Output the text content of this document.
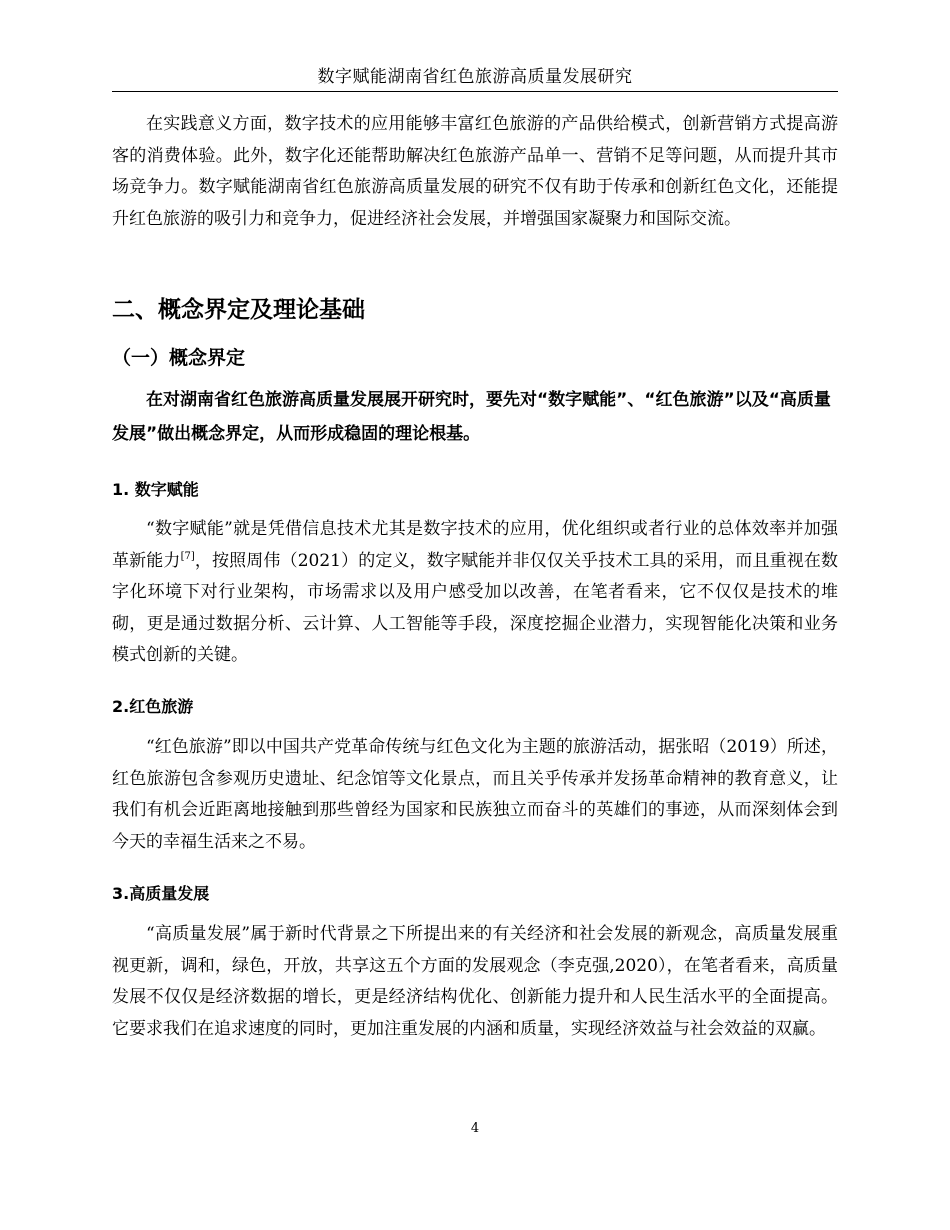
数字赋能湖南省红色旅游高质量发展研究

在实践意义方面，数字技术的应用能够丰富红色旅游的产品供给模式，创新营销方式提高游客的消费体验。此外，数字化还能帮助解决红色旅游产品单一、营销不足等问题，从而提升其市场竞争力。数字赋能湖南省红色旅游高质量发展的研究不仅有助于传承和创新红色文化，还能提升红色旅游的吸引力和竞争力，促进经济社会发展，并增强国家凝聚力和国际交流。

二、概念界定及理论基础
（一）概念界定

在对湖南省红色旅游高质量发展展开研究时，要先对“数字赋能”、“红色旅游”以及“高质量发展”做出概念界定，从而形成稳固的理论根基。

1. 数字赋能

“数字赋能”就是凭借信息技术尤其是数字技术的应用，优化组织或者行业的总体效率并加强革新能力[7]，按照周伟（2021）的定义，数字赋能并非仅仅关乎技术工具的采用，而且重视在数字化环境下对行业架构，市场需求以及用户感受加以改善，在笔者看来，它不仅仅是技术的堆砌，更是通过数据分析、云计算、人工智能等手段，深度挖掘企业潜力，实现智能化决策和业务模式创新的关键。

2.红色旅游

“红色旅游”即以中国共产党革命传统与红色文化为主题的旅游活动，据张昭（2019）所述，红色旅游包含参观历史遗址、纪念馆等文化景点，而且关乎传承并发扬革命精神的教育意义，让我们有机会近距离地接触到那些曾经为国家和民族独立而奋斗的英雄们的事迹，从而深刻体会到今天的幸福生活来之不易。

3.高质量发展

“高质量发展”属于新时代背景之下所提出来的有关经济和社会发展的新观念，高质量发展重视更新，调和，绿色，开放，共享这五个方面的发展观念（李克强,2020），在笔者看来，高质量发展不仅仅是经济数据的增长，更是经济结构优化、创新能力提升和人民生活水平的全面提高。它要求我们在追求速度的同时，更加注重发展的内涵和质量，实现经济效益与社会效益的双赢。

4
